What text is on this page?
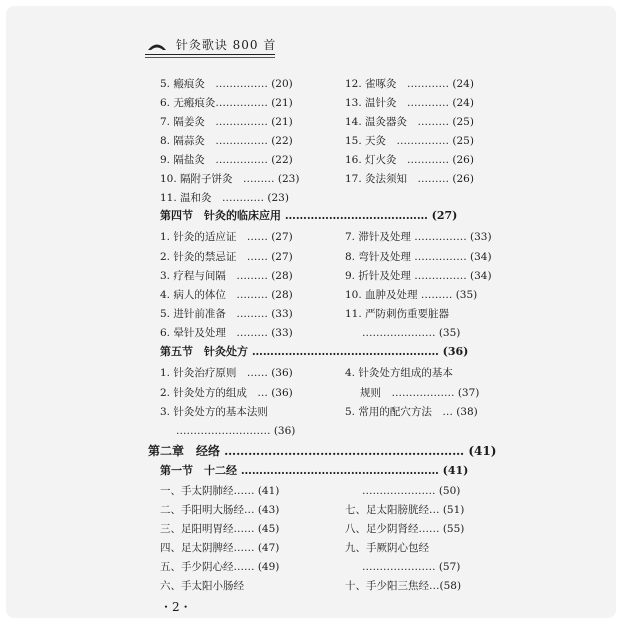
针灸歌诀 800 首
5. 瘢痕灸　…………… (20)
6. 无瘢痕灸…………… (21)
7. 隔姜灸　…………… (21)
8. 隔蒜灸　…………… (22)
9. 隔盐灸　…………… (22)
10. 隔附子饼灸　……… (23)
11. 温和灸　………… (23)
12. 雀啄灸　………… (24)
13. 温针灸　………… (24)
14. 温灸器灸　……… (25)
15. 天灸　…………… (25)
16. 灯火灸　………… (26)
17. 灸法须知　……… (26)
1. 针灸的适应证　…… (27)
2. 针灸的禁忌证　…… (27)
3. 疗程与间隔　……… (28)
4. 病人的体位　……… (28)
5. 进针前准备　……… (33)
6. 晕针及处理　……… (33)
7. 滞针及处理 …………… (33)
8. 弯针及处理 …………… (34)
9. 折针及处理 …………… (34)
10. 血肿及处理 ……… (35)
11. 严防刺伤重要脏器
………………… (35)
1. 针灸治疗原则　…… (36)
2. 针灸处方的组成　… (36)
3. 针灸处方的基本法则
……………………… (36)
4. 针灸处方组成的基本
规则　……………… (37)
5. 常用的配穴方法　… (38)
一、手太阴肺经…… (41)
二、手阳明大肠经… (43)
三、足阳明胃经…… (45)
四、足太阴脾经…… (47)
五、手少阴心经…… (49)
六、手太阳小肠经
………………… (50)
七、足太阳膀胱经… (51)
八、足少阴肾经…… (55)
九、手厥阴心包经
………………… (57)
十、手少阳三焦经…(58)
第四节　针灸的临床应用 ………………………………… (27)
第五节　针灸处方 …………………………………………… (36)
第一节　十二经 ……………………………………………… (41)
第二章　经络 …………………………………………………… (41)
・2・
